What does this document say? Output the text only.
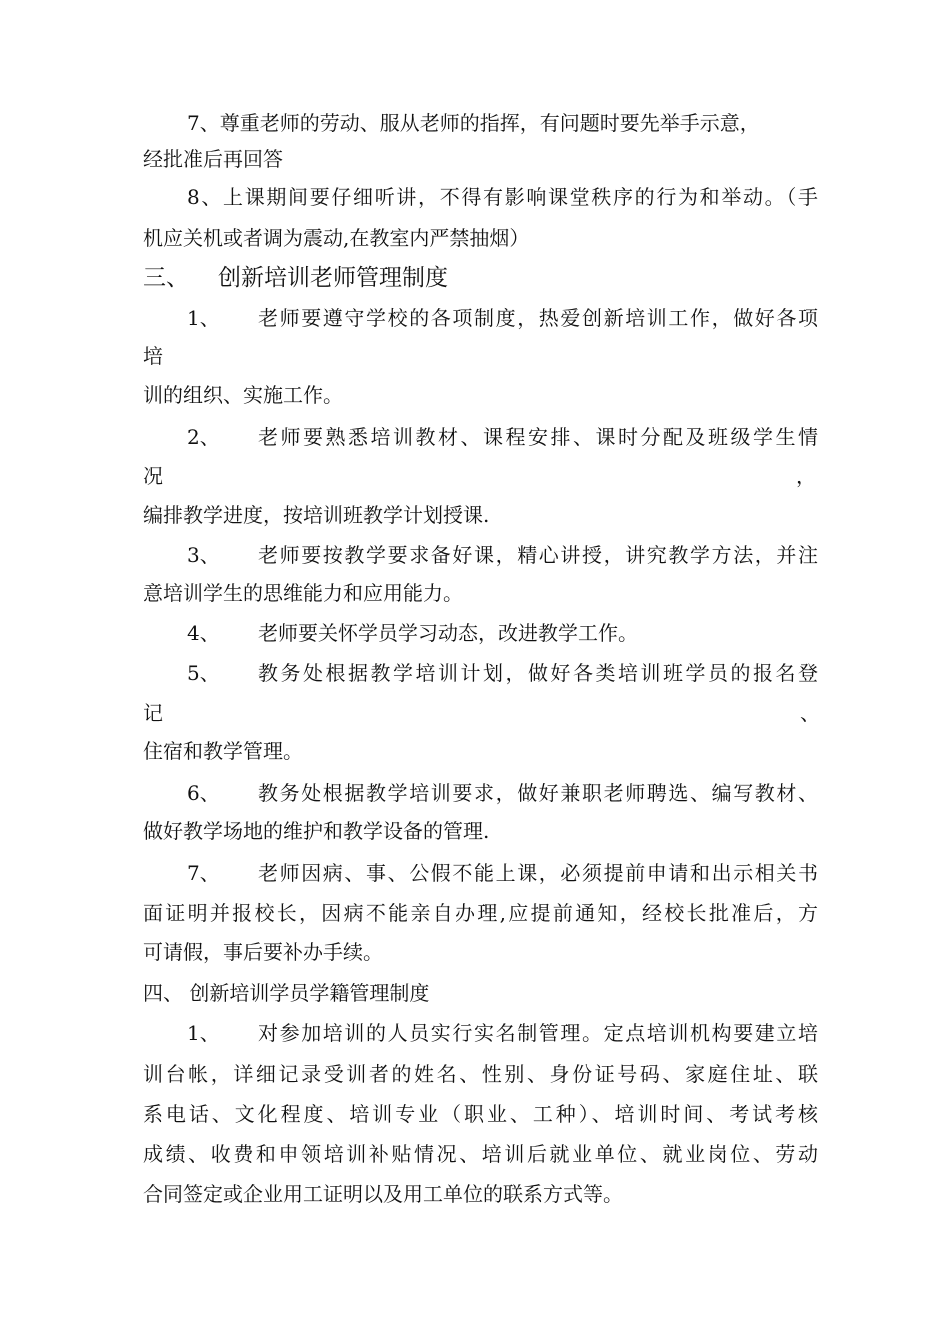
7、尊重老师的劳动、服从老师的指挥，有问题时要先举手示意，
经批准后再回答
8、上课期间要仔细听讲，不得有影响课堂秩序的行为和举动。（手
机应关机或者调为震动,在教室内严禁抽烟）
三、 创新培训老师管理制度
1、 老师要遵守学校的各项制度，热爱创新培训工作，做好各项
培
训的组织、实施工作。
2、 老师要熟悉培训教材、课程安排、课时分配及班级学生情
况	，
编排教学进度，按培训班教学计划授课.
3、 老师要按教学要求备好课，精心讲授，讲究教学方法，并注
意培训学生的思维能力和应用能力。
4、 老师要关怀学员学习动态，改进教学工作。
5、 教务处根据教学培训计划，做好各类培训班学员的报名登
记	、
住宿和教学管理。
6、 教务处根据教学培训要求，做好兼职老师聘选、编写教材、
做好教学场地的维护和教学设备的管理.
7、 老师因病、事、公假不能上课，必须提前申请和出示相关书
面证明并报校长，因病不能亲自办理,应提前通知，经校长批准后，方
可请假，事后要补办手续。
四、 创新培训学员学籍管理制度
1、 对参加培训的人员实行实名制管理。定点培训机构要建立培
训台帐，详细记录受训者的姓名、性别、身份证号码、家庭住址、联
系电话、文化程度、培训专业（职业、工种）、培训时间、考试考核
成绩、收费和申领培训补贴情况、培训后就业单位、就业岗位、劳动
合同签定或企业用工证明以及用工单位的联系方式等。
